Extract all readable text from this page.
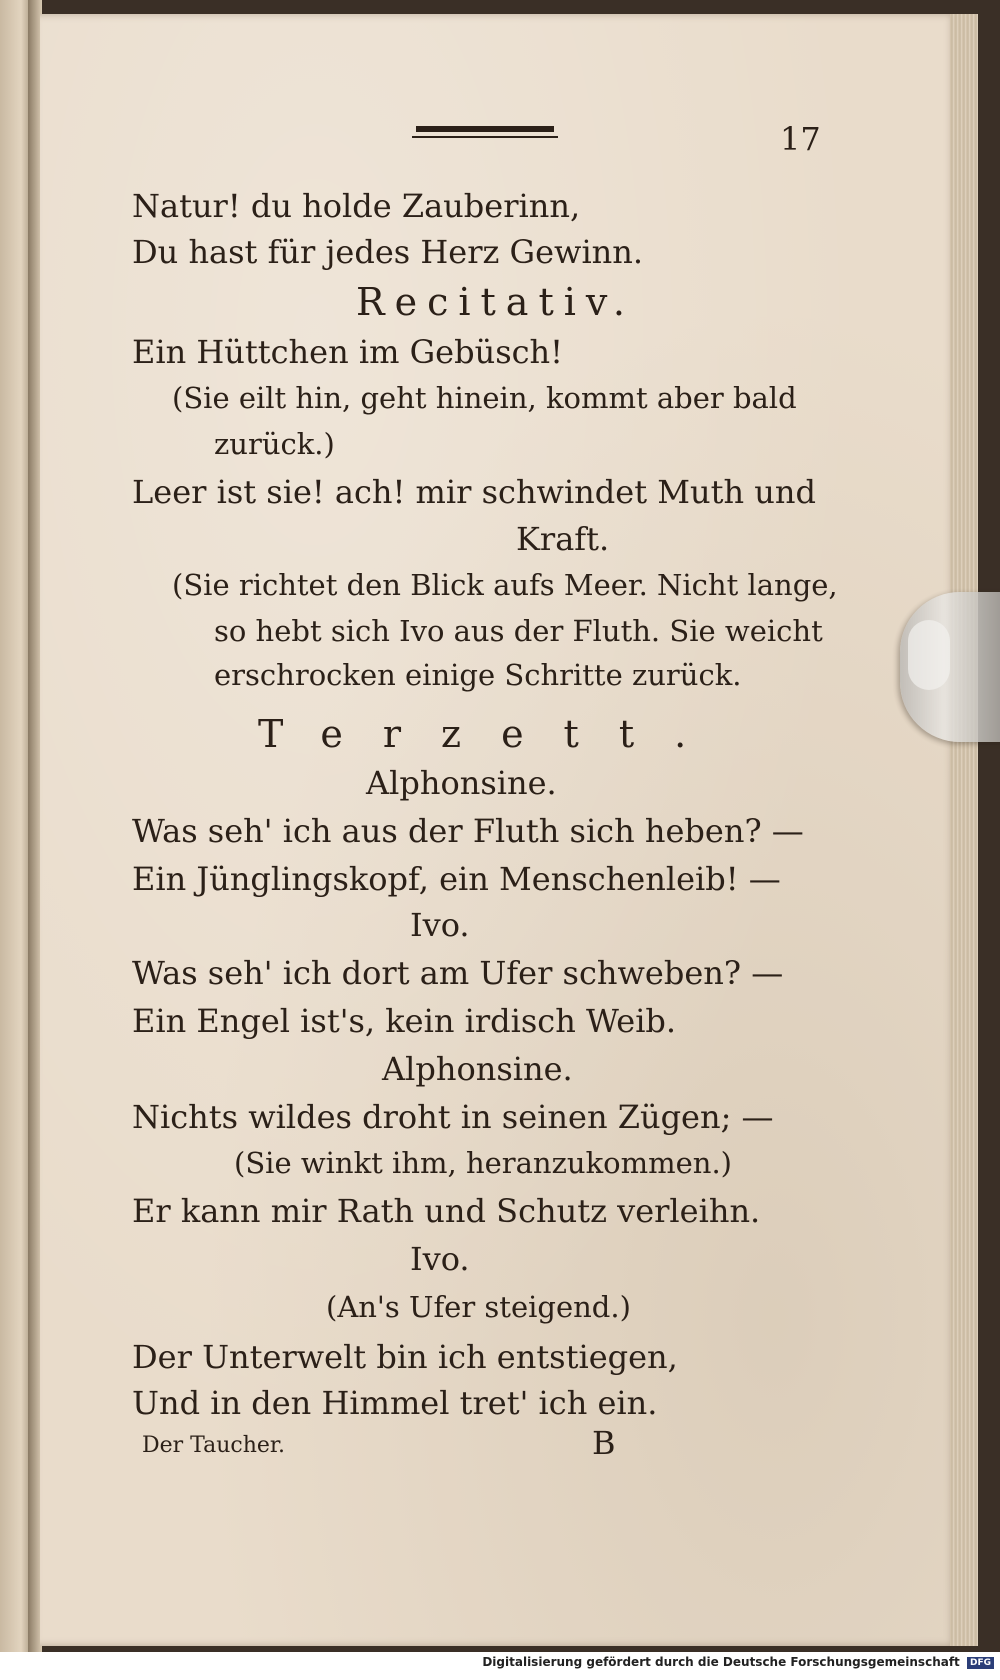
17
Natur! du holde Zauberinn,
Du hast für jedes Herz Gewinn.
Recitativ.
Ein Hüttchen im Gebüsch!
(Sie eilt hin, geht hinein, kommt aber bald
zurück.)
Leer ist sie! ach! mir schwindet Muth und
Kraft.
(Sie richtet den Blick aufs Meer. Nicht lange,
so hebt sich Ivo aus der Fluth. Sie weicht
erschrocken einige Schritte zurück.
Terzett.
Alphonsine.
Was seh' ich aus der Fluth sich heben? —
Ein Jünglingskopf, ein Menschenleib! —
Ivo.
Was seh' ich dort am Ufer schweben? —
Ein Engel ist's, kein irdisch Weib.
Alphonsine.
Nichts wildes droht in seinen Zügen; —
(Sie winkt ihm, heranzukommen.)
Er kann mir Rath und Schutz verleihn.
Ivo.
(An's Ufer steigend.)
Der Unterwelt bin ich entstiegen,
Und in den Himmel tret' ich ein.
Der Taucher.	B
Digitalisierung gefördert durch die Deutsche Forschungsgemeinschaft DFG
